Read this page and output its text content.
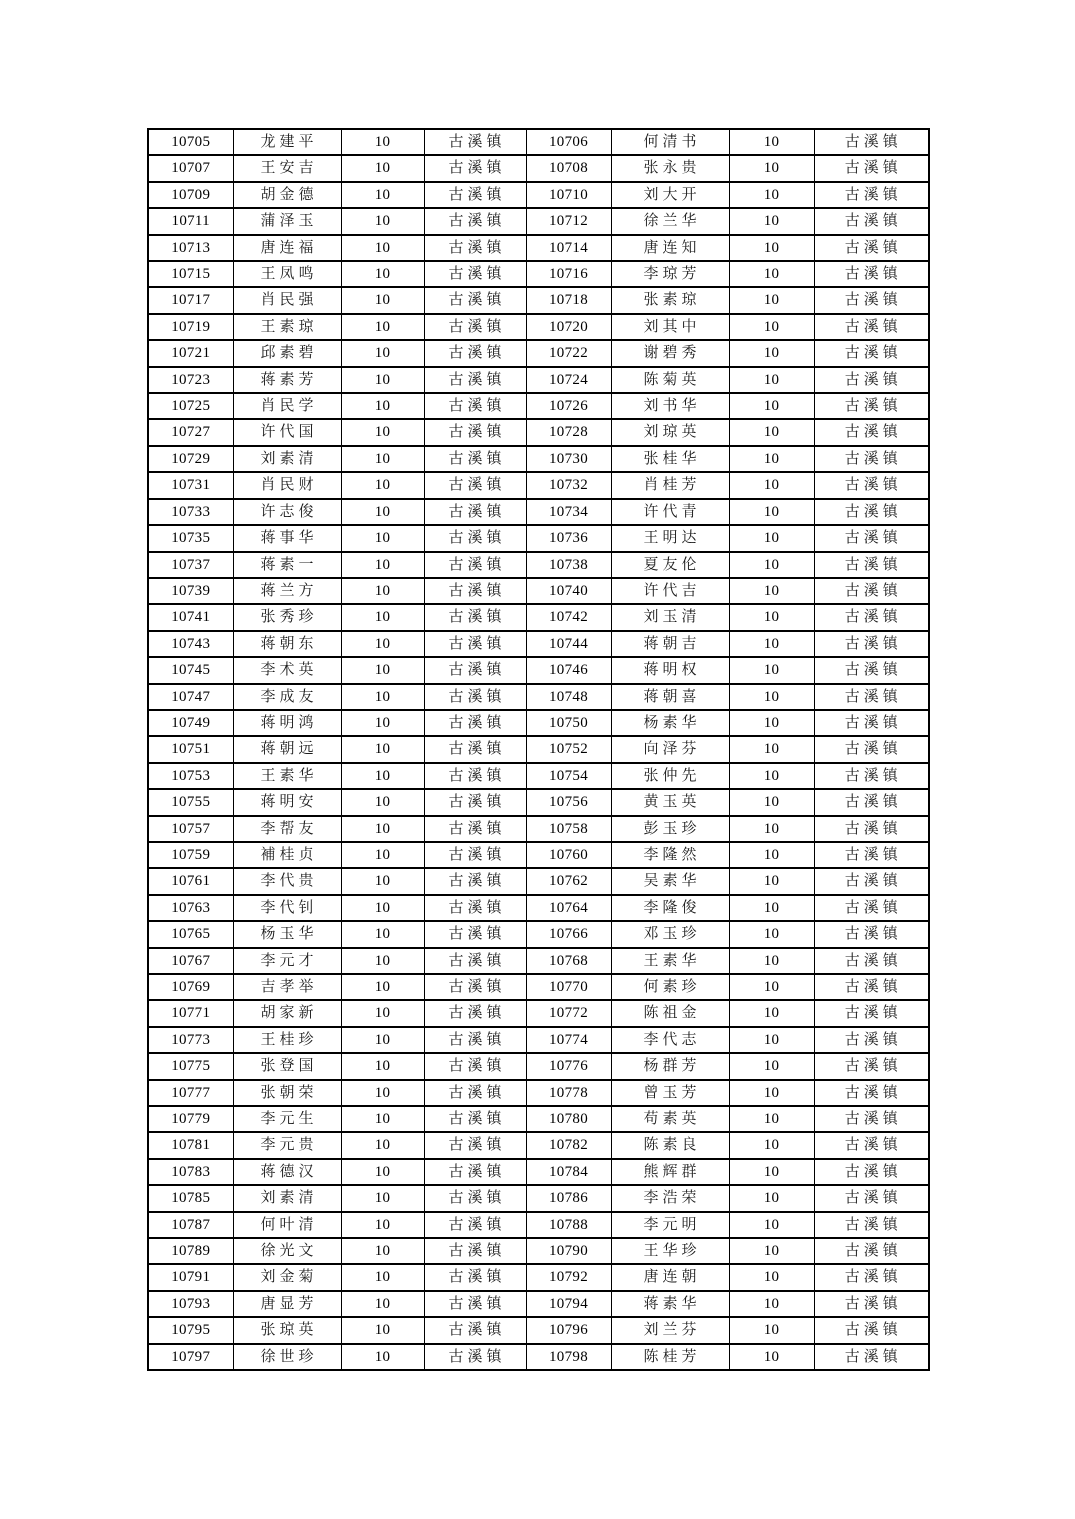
10705	龙建平	10	古溪镇	10706	何清书	10	古溪镇
10707	王安吉	10	古溪镇	10708	张永贵	10	古溪镇
10709	胡金德	10	古溪镇	10710	刘大开	10	古溪镇
10711	蒲泽玉	10	古溪镇	10712	徐兰华	10	古溪镇
10713	唐连福	10	古溪镇	10714	唐连知	10	古溪镇
10715	王凤鸣	10	古溪镇	10716	李琼芳	10	古溪镇
10717	肖民强	10	古溪镇	10718	张素琼	10	古溪镇
10719	王素琼	10	古溪镇	10720	刘其中	10	古溪镇
10721	邱素碧	10	古溪镇	10722	谢碧秀	10	古溪镇
10723	蒋素芳	10	古溪镇	10724	陈菊英	10	古溪镇
10725	肖民学	10	古溪镇	10726	刘书华	10	古溪镇
10727	许代国	10	古溪镇	10728	刘琼英	10	古溪镇
10729	刘素清	10	古溪镇	10730	张桂华	10	古溪镇
10731	肖民财	10	古溪镇	10732	肖桂芳	10	古溪镇
10733	许志俊	10	古溪镇	10734	许代青	10	古溪镇
10735	蒋事华	10	古溪镇	10736	王明达	10	古溪镇
10737	蒋素一	10	古溪镇	10738	夏友伦	10	古溪镇
10739	蒋兰方	10	古溪镇	10740	许代吉	10	古溪镇
10741	张秀珍	10	古溪镇	10742	刘玉清	10	古溪镇
10743	蒋朝东	10	古溪镇	10744	蒋朝吉	10	古溪镇
10745	李术英	10	古溪镇	10746	蒋明权	10	古溪镇
10747	李成友	10	古溪镇	10748	蒋朝喜	10	古溪镇
10749	蒋明鸿	10	古溪镇	10750	杨素华	10	古溪镇
10751	蒋朝远	10	古溪镇	10752	向泽芬	10	古溪镇
10753	王素华	10	古溪镇	10754	张仲先	10	古溪镇
10755	蒋明安	10	古溪镇	10756	黄玉英	10	古溪镇
10757	李帮友	10	古溪镇	10758	彭玉珍	10	古溪镇
10759	補桂贞	10	古溪镇	10760	李隆然	10	古溪镇
10761	李代贵	10	古溪镇	10762	吴素华	10	古溪镇
10763	李代钊	10	古溪镇	10764	李隆俊	10	古溪镇
10765	杨玉华	10	古溪镇	10766	邓玉珍	10	古溪镇
10767	李元才	10	古溪镇	10768	王素华	10	古溪镇
10769	吉孝举	10	古溪镇	10770	何素珍	10	古溪镇
10771	胡家新	10	古溪镇	10772	陈祖金	10	古溪镇
10773	王桂珍	10	古溪镇	10774	李代志	10	古溪镇
10775	张登国	10	古溪镇	10776	杨群芳	10	古溪镇
10777	张朝荣	10	古溪镇	10778	曾玉芳	10	古溪镇
10779	李元生	10	古溪镇	10780	苟素英	10	古溪镇
10781	李元贵	10	古溪镇	10782	陈素良	10	古溪镇
10783	蒋德汉	10	古溪镇	10784	熊辉群	10	古溪镇
10785	刘素清	10	古溪镇	10786	李浩荣	10	古溪镇
10787	何叶清	10	古溪镇	10788	李元明	10	古溪镇
10789	徐光文	10	古溪镇	10790	王华珍	10	古溪镇
10791	刘金菊	10	古溪镇	10792	唐连朝	10	古溪镇
10793	唐显芳	10	古溪镇	10794	蒋素华	10	古溪镇
10795	张琼英	10	古溪镇	10796	刘兰芬	10	古溪镇
10797	徐世珍	10	古溪镇	10798	陈桂芳	10	古溪镇
